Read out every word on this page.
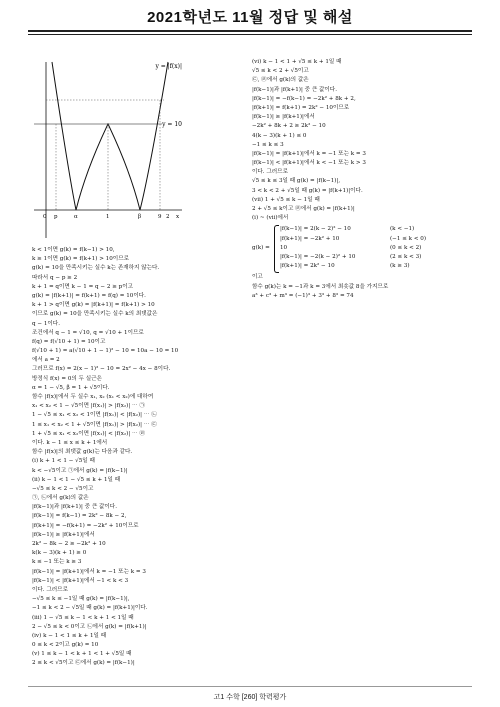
2021학년도 11월 정답 및 해설
y = |f(x)|
y = 10
0 p	α	1	β	9 2 x
k < 1이면 g(k) = f(k−1) > 10,
k ≥ 1이면 g(k) = f(k+1) > 10이므로
g(k) = 10을 만족시키는 실수 k는 존재하지 않는다.
따라서 q − p ≥ 2
k + 1 = q이면 k − 1 = q − 2 ≥ p이고
g(k) = |f(k+1)| = f(k+1) = f(q) = 10이다.
k + 1 > q이면 g(k) = |f(k+1)| = f(k+1) > 10
이므로 g(k) = 10을 만족시키는 실수 k의 최댓값은
q − 1이다.
조건에서 q − 1 = √10, q = √10 + 1이므로
f(q) = f(√10 + 1) = 10이고
f(√10 + 1) = a(√10 + 1 − 1)² − 10 = 10a − 10 = 10
에서 a = 2
그러므로 f(x) = 2(x − 1)² − 10 = 2x² − 4x − 8이다.
방정식 f(x) = 0의 두 실근은
α = 1 − √5, β = 1 + √5이다.
함수 |f(x)|에서 두 실수 x₁, x₂ (x₁ < x₂)에 대하여
x₁ < x₂ < 1 − √5이면 |f(x₁)| > |f(x₂)| ⋯ ㉠
1 − √5 ≤ x₁ < x₂ < 1이면 |f(x₁)| < |f(x₂)| ⋯ ㉡
1 ≤ x₁ < x₂ < 1 + √5이면 |f(x₁)| > |f(x₂)| ⋯ ㉢
1 + √5 ≤ x₁ < x₂이면 |f(x₁)| < |f(x₂)| ⋯ ㉣
이다. k − 1 ≤ x ≤ k + 1에서
함수 |f(x)|의 최댓값 g(k)는 다음과 같다.
(ⅰ) k + 1 < 1 − √5일 때
k < −√5이고 ㉠에서 g(k) = |f(k−1)|
(ⅱ) k − 1 < 1 − √5 ≤ k + 1일 때
−√5 ≤ k < 2 − √5이고
㉠, ㉡에서 g(k)의 값은
|f(k−1)|과 |f(k+1)| 중 큰 값이다.
|f(k−1)| = f(k−1) = 2k² − 8k − 2,
|f(k+1)| = −f(k+1) = −2k² + 10이므로
|f(k−1)| ≥ |f(k+1)|에서
2k² − 8k − 2 ≥ −2k² + 10
k(k − 3)(k + 1) ≥ 0
k ≤ −1 또는 k ≥ 3
|f(k−1)| = |f(k+1)|에서 k = −1 또는 k = 3
|f(k−1)| < |f(k+1)|에서 −1 < k < 3
이다. 그러므로
−√5 ≤ k ≤ −1일 때 g(k) = |f(k−1)|,
−1 ≤ k < 2 − √5일 때 g(k) = |f(k+1)|이다.
(ⅲ) 1 − √5 ≤ k − 1 < k + 1 < 1일 때
2 − √5 ≤ k < 0이고 ㉡에서 g(k) = |f(k+1)|
(ⅳ) k − 1 < 1 ≤ k + 1일 때
0 ≤ k < 2이고 g(k) = 10
(ⅴ) 1 ≤ k − 1 < k + 1 < 1 + √5일 때
2 ≤ k < √5이고 ㉢에서 g(k) = |f(k−1)|
(ⅵ) k − 1 < 1 + √5 ≤ k + 1일 때
√5 ≤ k < 2 + √5이고
㉢, ㉣에서 g(k)의 값은
|f(k−1)|과 |f(k+1)| 중 큰 값이다.
|f(k−1)| = −f(k−1) = −2k² + 8k + 2,
|f(k+1)| = f(k+1) = 2k² − 10이므로
|f(k−1)| ≥ |f(k+1)|에서
−2k² + 8k + 2 ≥ 2k² − 10
4(k − 3)(k + 1) ≤ 0
−1 ≤ k ≤ 3
|f(k−1)| = |f(k+1)|에서 k = −1 또는 k = 3
|f(k−1)| < |f(k+1)|에서 k < −1 또는 k > 3
이다. 그러므로
√5 ≤ k ≤ 3일 때 g(k) = |f(k−1)|,
3 < k < 2 + √5일 때 g(k) = |f(k+1)|이다.
(ⅶ) 1 + √5 ≤ k − 1일 때
2 + √5 ≤ k이고 ㉣에서 g(k) = |f(k+1)|
(ⅰ) ~ (ⅶ)에서
g(k) =
|f(k−1)| = 2(k − 2)² − 10	(k < −1)
|f(k+1)| = −2k² + 10	(−1 ≤ k < 0)
10	(0 ≤ k < 2)
|f(k−1)| = −2(k − 2)² + 10	(2 ≤ k < 3)
|f(k+1)| = 2k² − 10	(k ≥ 3)
이고
함수 g(k)는 k = −1과 k = 3에서 최솟값 8을 가지므로
a³ + c³ + m³ = (−1)³ + 3³ + 8³ = 74
고1 수학 [260] 학력평가
